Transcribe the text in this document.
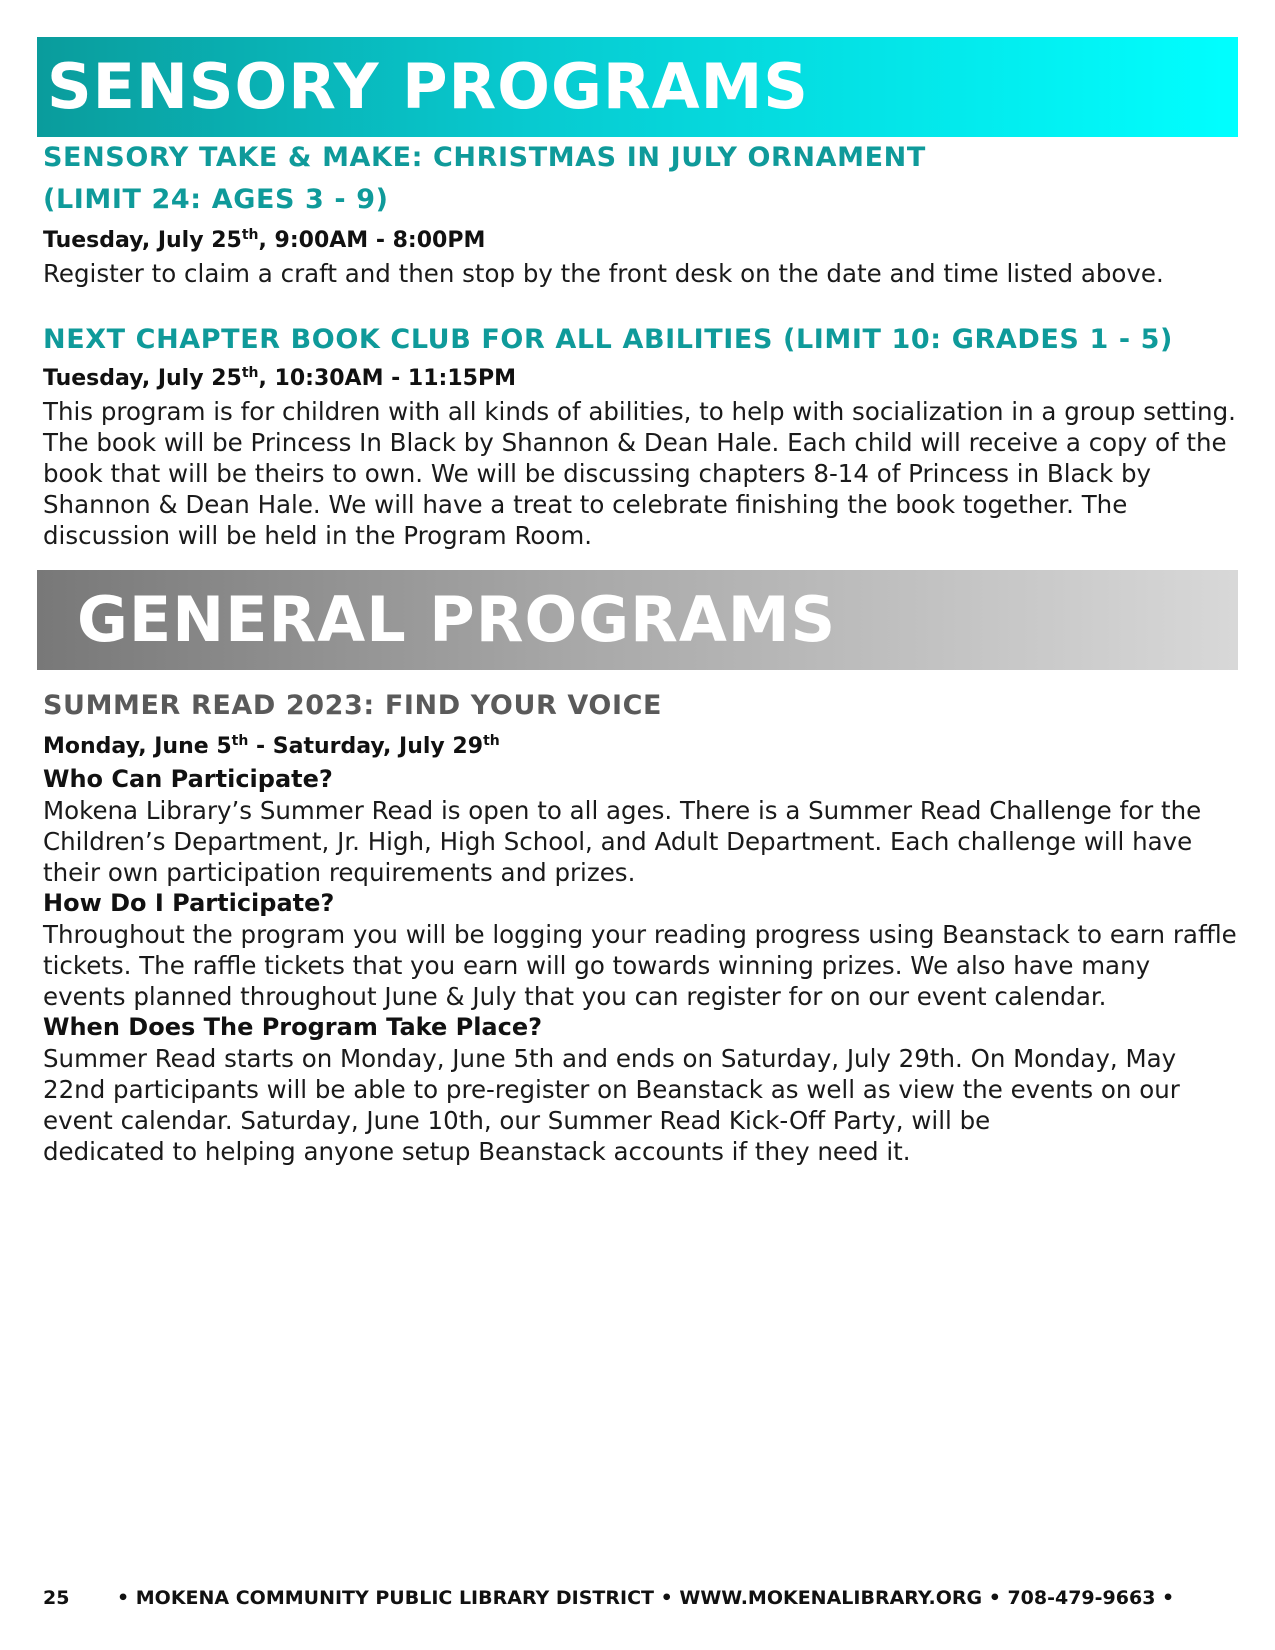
SENSORY PROGRAMS

SENSORY TAKE & MAKE: CHRISTMAS IN JULY ORNAMENT

(LIMIT 24: AGES 3 - 9)

Tuesday, July 25th, 9:00AM - 8:00PM

Register to claim a craft and then stop by the front desk on the date and time listed above.

NEXT CHAPTER BOOK CLUB FOR ALL ABILITIES (LIMIT 10: GRADES 1 - 5)

Tuesday, July 25th, 10:30AM - 11:15PM

This program is for children with all kinds of abilities, to help with socialization in a group setting. The book will be Princess In Black by Shannon & Dean Hale. Each child will receive a copy of the book that will be theirs to own. We will be discussing chapters 8-14 of Princess in Black by Shannon & Dean Hale. We will have a treat to celebrate finishing the book together. The discussion will be held in the Program Room.

GENERAL PROGRAMS

SUMMER READ 2023: FIND YOUR VOICE

Monday, June 5th - Saturday, July 29th

Who Can Participate?

Mokena Library’s Summer Read is open to all ages. There is a Summer Read Challenge for the Children’s Department, Jr. High, High School, and Adult Department. Each challenge will have their own participation requirements and prizes.

How Do I Participate?

Throughout the program you will be logging your reading progress using Beanstack to earn raffle tickets. The raffle tickets that you earn will go towards winning prizes. We also have many events planned throughout June & July that you can register for on our event calendar.

When Does The Program Take Place?

Summer Read starts on Monday, June 5th and ends on Saturday, July 29th. On Monday, May 22nd participants will be able to pre-register on Beanstack as well as view the events on our event calendar. Saturday, June 10th, our Summer Read Kick-Off Party, will be

dedicated to helping anyone setup Beanstack accounts if they need it.

25	• MOKENA COMMUNITY PUBLIC LIBRARY DISTRICT • WWW.MOKENALIBRARY.ORG • 708-479-9663 •
